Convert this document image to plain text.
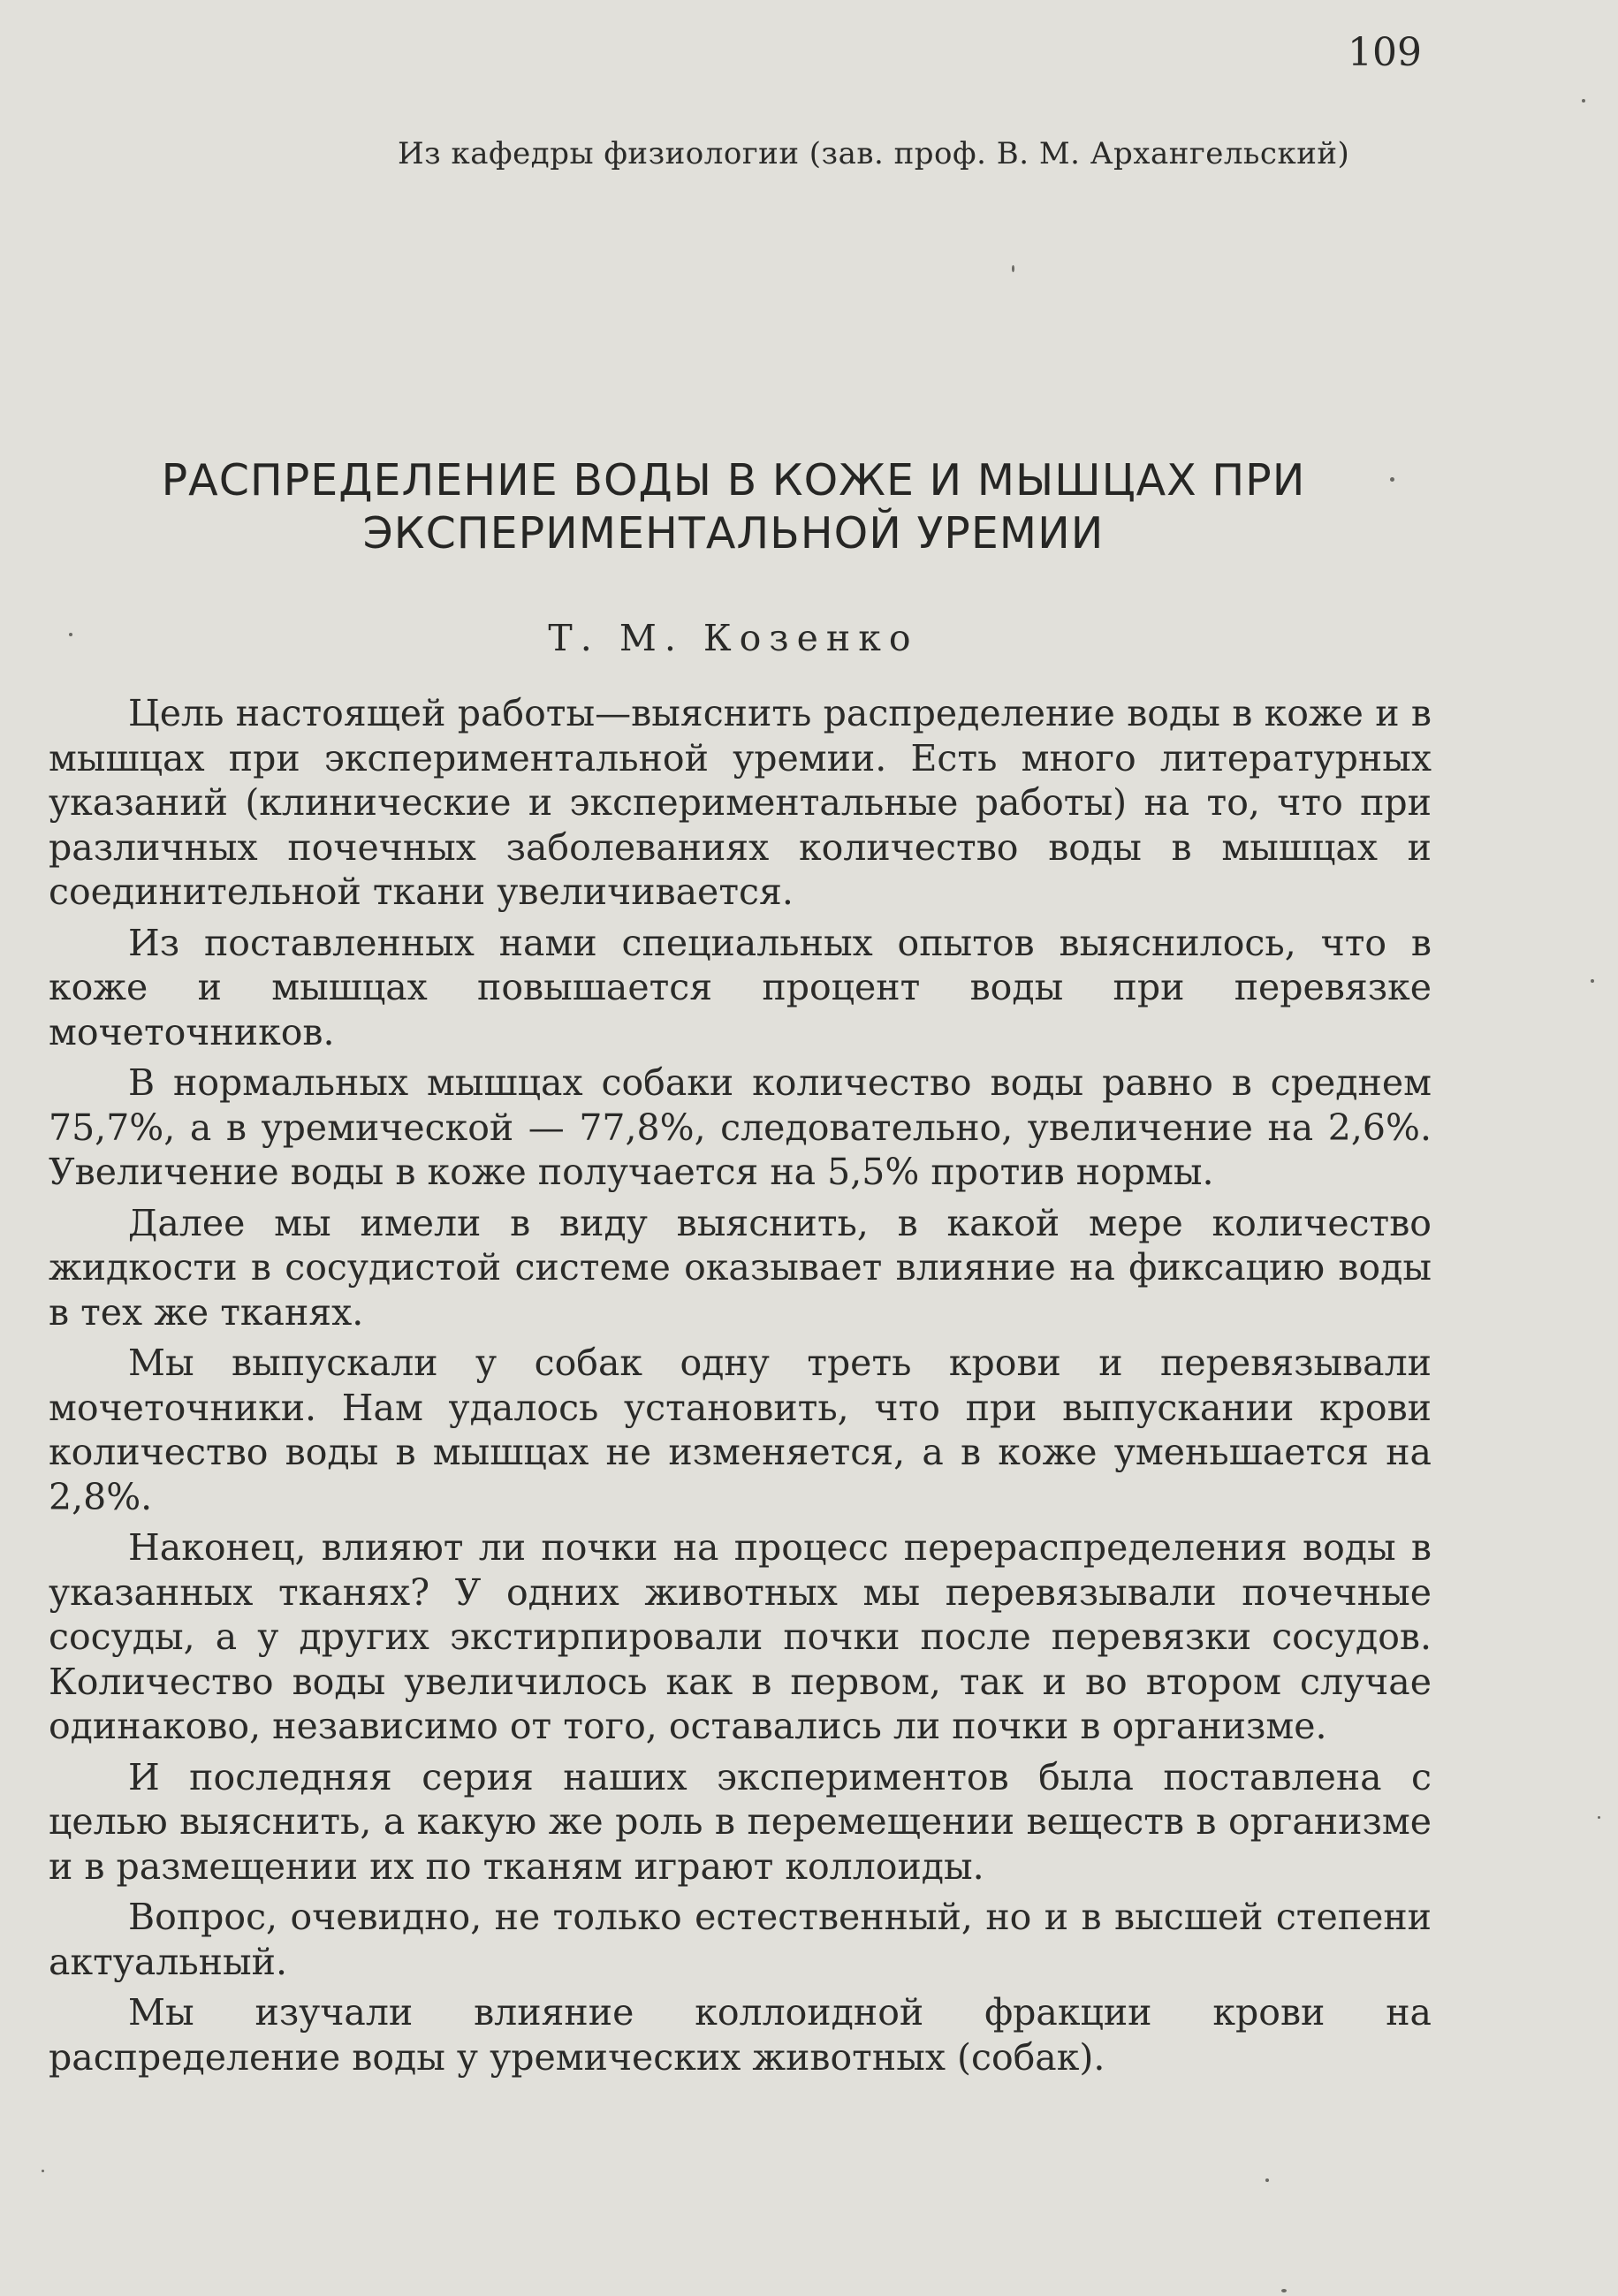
109
Из кафедры физиологии (зав. проф. В. М. Архангельский)
РАСПРЕДЕЛЕНИЕ ВОДЫ В КОЖЕ И МЫШЦАХ ПРИ
ЭКСПЕРИМЕНТАЛЬНОЙ УРЕМИИ
Т. М. Козенко

Цель настоящей работы—выяснить распределение воды в коже и в мышцах при экспериментальной уремии. Есть много литературных указаний (клинические и экспериментальные работы) на то, что при различных почечных заболеваниях количество воды в мышцах и соединительной ткани увеличивается.

Из поставленных нами специальных опытов выяснилось, что в коже и мышцах повышается процент воды при перевязке мочеточников.

В нормальных мышцах собаки количество воды равно в среднем 75,7%, а в уремической — 77,8%, следовательно, увеличение на 2,6%. Увеличение воды в коже получается на 5,5% против нормы.

Далее мы имели в виду выяснить, в какой мере количество жидкости в сосудистой системе оказывает влияние на фиксацию воды в тех же тканях.

Мы выпускали у собак одну треть крови и перевязывали мочеточники. Нам удалось установить, что при выпускании крови количество воды в мышцах не изменяется, а в коже уменьшается на 2,8%.

Наконец, влияют ли почки на процесс перераспределения воды в указанных тканях? У одних животных мы перевязывали почечные сосуды, а у других экстирпировали почки после перевязки сосудов. Количество воды увеличилось как в первом, так и во втором случае одинаково, независимо от того, оставались ли почки в организме.

И последняя серия наших экспериментов была поставлена с целью выяснить, а какую же роль в перемещении веществ в организме и в размещении их по тканям играют коллоиды.

Вопрос, очевидно, не только естественный, но и в высшей степени актуальный.

Мы изучали влияние коллоидной фракции крови на распределение воды у уремических животных (собак).
